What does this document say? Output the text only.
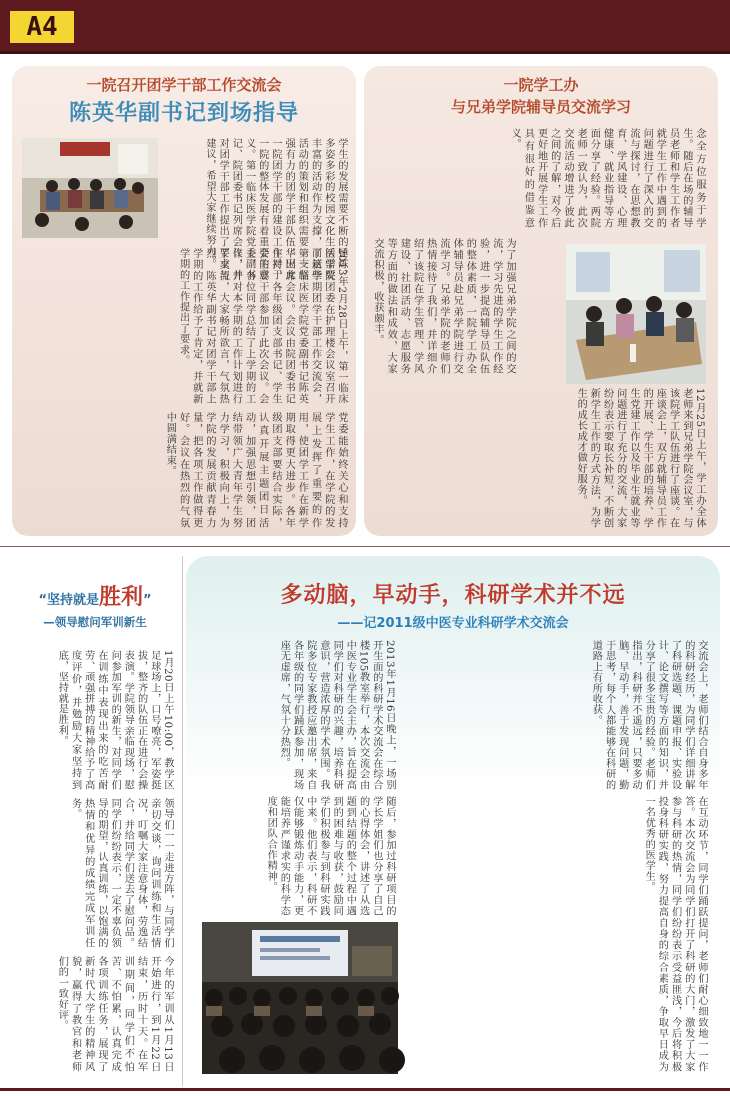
A4
一院召开团学干部工作交流会
陈英华副书记到场指导
学生的发展需要不断的锤炼，多姿多彩的校园文化生活需要丰富的活动作为支撑，而这些活动的策划和组织需要一支坚强有力的团学干部队伍，因此一院团学干部的建设工作对于一院的整体发展有着重要的意义。第一临床医学院党委副书记、院团委书记列席会议，并对团学干部工作提出了要求与建议，希望大家继续努力。
2013年2月28日上午，第一临床医学院团委在护理楼会议室召开了新学期团学干部工作交流会，第一临床医学院党委副书记陈英华出席会议。会议由院团委书记主持，各年级团支部书记、学生会主要干部参加了此次会议。会上，各位同学总结了上学期的工作，并对本学期的工作计划进行了交流，大家畅所欲言，气氛热烈。陈英华副书记对团学干部上学期的工作给予了肯定，并就新学期的工作提出了要求。
党委能始终关心和支持学生工作，在学院的发展上发挥了重要的作用，使团学工作在新学期取得更大进步。各年级团支部要结合实际，认真开展主题团日活动，加强思想引领，团结带领广大青年学生努力学习，积极向上，为学院的发展贡献青春力量，把各项工作做得更好。会议在热烈的气氛中圆满结束。
一院学工办
与兄弟学院辅导员交流学习
念全方位服务于学生。随后在场的辅导员老师和学生工作者就学生工作中遇到的问题进行了深入的交流与探讨，在思想教育、学风建设、心理健康、就业指导等方面分享了经验。两院老师一致认为，此次交流活动增进了彼此之间的了解，对今后更好地开展学生工作具有很好的借鉴意义。
为了加强兄弟学院之间的交流，学习先进的学生工作经验，进一步提高辅导员队伍的整体素质，一院学工办全体辅导员赴兄弟学院进行交流学习。兄弟学院的老师们热情接待了我们，并详细介绍了该院在学生管理、学风建设、社团活动、志愿服务等方面的做法和成效，大家交流积极，收获颇丰。
12月25日上午，学工办全体老师来到兄弟学院会议室，与该院学工队伍进行了座谈。在座谈会上，双方就辅导员工作的开展、学生干部的培养、学生党建工作以及毕业生就业等问题进行了充分的交流，大家纷纷表示要取长补短，不断创新学生工作的方式方法，为学生的成长成才做好服务。
“坚持就是胜利”
—领导慰问军训新生
1月20日上午10:00，教学区足球场上，口号嘹亮，军姿挺拔，整齐的队伍正在进行会操表演。学院领导亲临现场，慰问参加军训的新生，对同学们在训练中表现出来的吃苦耐劳、顽强拼搏的精神给予了高度评价，并勉励大家坚持到底，坚持就是胜利。
领导们一一走进方阵，与同学们亲切交谈，询问训练和生活情况，叮嘱大家注意身体，劳逸结合，并给同学们送去了慰问品。同学们纷纷表示，一定不辜负领导的期望，认真训练，以饱满的热情和优异的成绩完成军训任务。
今年的军训从1月13日开始进行，到1月22日结束，历时十天。在军训期间，同学们不怕苦、不怕累，认真完成各项训练任务，展现了新时代大学生的精神风貌，赢得了教官和老师们的一致好评。
多动脑，早动手，科研学术并不远
——记2011级中医专业科研学术交流会
2013年1月16日晚上，一场别开生面的科研学术交流会在综合楼105教室举行，本次交流会由中医专业学生会主办，旨在提高同学们对科研的兴趣，培养科研意识，营造浓厚的学术氛围。我院多位专家教授应邀出席，来自各年级的同学们踊跃参加，现场座无虚席，气氛十分热烈。	交流会上，老师们结合自身多年的科研经历，为同学们详细讲解了科研选题、课题申报、实验设计、论文撰写等方面的知识，并分享了很多宝贵的经验。老师们指出，科研并不遥远，只要多动脑、早动手，善于发现问题，勤于思考，每个人都能够在科研的道路上有所收获。
随后，参加过科研项目的学长学姐们也分享了自己的心得体会，讲述了从选题到结题的整个过程中遇到的困难与收获，鼓励同学们积极参与到科研实践中来。他们表示，科研不仅能够锻炼动手能力，更能培养严谨求实的科学态度和团队合作精神。	在互动环节，同学们踊跃提问，老师们耐心细致地一一作答。本次交流会为同学们打开了科研的大门，激发了大家参与科研的热情，同学们纷纷表示受益匪浅，今后将积极投身科研实践，努力提高自身的综合素质，争取早日成为一名优秀的医学生。
